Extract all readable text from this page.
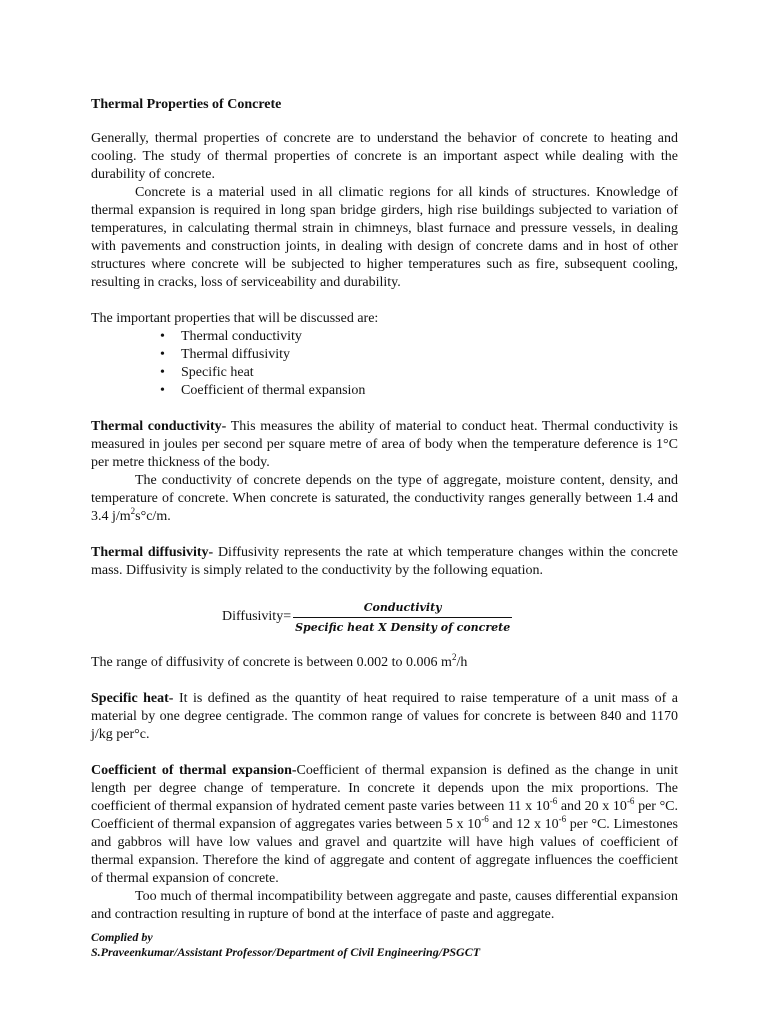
Thermal Properties of Concrete

Generally, thermal properties of concrete are to understand the behavior of concrete to heating and cooling. The study of thermal properties of concrete is an important aspect while dealing with the durability of concrete.

Concrete is a material used in all climatic regions for all kinds of structures. Knowledge of thermal expansion is required in long span bridge girders, high rise buildings subjected to variation of temperatures, in calculating thermal strain in chimneys, blast furnace and pressure vessels, in dealing with pavements and construction joints, in dealing with design of concrete dams and in host of other structures where concrete will be subjected to higher temperatures such as fire, subsequent cooling, resulting in cracks, loss of serviceability and durability.

The important properties that will be discussed are:

• Thermal conductivity
• Thermal diffusivity
• Specific heat
• Coefficient of thermal expansion

Thermal conductivity- This measures the ability of material to conduct heat. Thermal conductivity is measured in joules per second per square metre of area of body when the temperature deference is 1°C per metre thickness of the body.

The conductivity of concrete depends on the type of aggregate, moisture content, density, and temperature of concrete. When concrete is saturated, the conductivity ranges generally between 1.4 and 3.4 $j/m^2s^\circ c/m$.

Thermal diffusivity- Diffusivity represents the rate at which temperature changes within the concrete mass. Diffusivity is simply related to the conductivity by the following equation.

Diffusivity= $\frac{\text{Conductivity}}{\text{Specific heat X Density of concrete}}$

The range of diffusivity of concrete is between 0.002 to 0.006 $m^2/h$

Specific heat- It is defined as the quantity of heat required to raise temperature of a unit mass of a material by one degree centigrade. The common range of values for concrete is between 840 and 1170 j/kg per°c.

Coefficient of thermal expansion-Coefficient of thermal expansion is defined as the change in unit length per degree change of temperature. In concrete it depends upon the mix proportions. The coefficient of thermal expansion of hydrated cement paste varies between 11 x $10^{-6}$ and 20 x $10^{-6}$ per °C. Coefficient of thermal expansion of aggregates varies between 5 x $10^{-6}$ and 12 x $10^{-6}$ per °C. Limestones and gabbros will have low values and gravel and quartzite will have high values of coefficient of thermal expansion. Therefore the kind of aggregate and content of aggregate influences the coefficient of thermal expansion of concrete.

Too much of thermal incompatibility between aggregate and paste, causes differential expansion and contraction resulting in rupture of bond at the interface of paste and aggregate.

Complied by
S.Praveenkumar/Assistant Professor/Department of Civil Engineering/PSGCT
